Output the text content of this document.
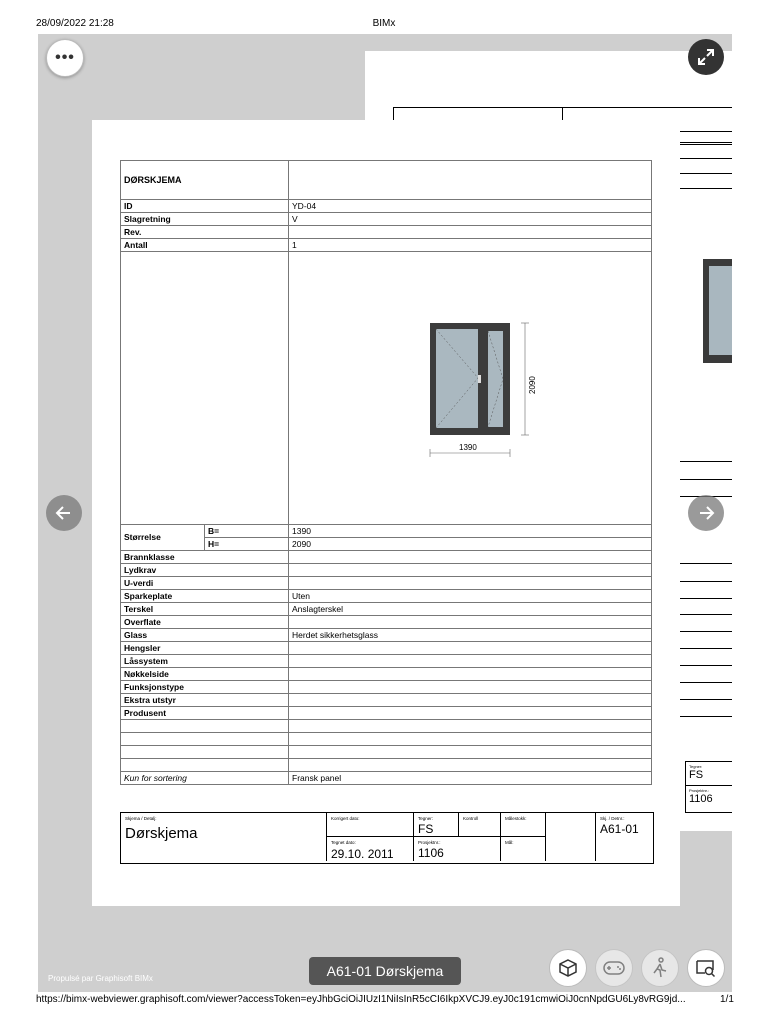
28/09/2022 21:28	BIMx
Tegner:
FS
Prosjektnr.:
1106
DØRSKJEMA		
ID		YD-04
Slagretning		V
Rev.		
Antall		1

2090
1390

Størrelse	B=	1390
	H=	2090
Brannklasse		
Lydkrav		
U-verdi		
Sparkeplate		Uten
Terskel		Anslagterskel
Overflate		
Glass		Herdet sikkerhetsglass
Hengsler		
Låssystem		
Nøkkelside		
Funksjonstype		
Ekstra utstyr		
Produsent		

Kun for sortering		Fransk panel
Skjema / Detalj:
Dørskjema
Korrigert dato:
Tegnet dato:
29.10. 2011
Tegner:
FS
Kontroll
Prosjektnr.:
1106
Målestokk:
Mål:
Skj. / Detnr.:
A61-01
•••
Propulsé par Graphisoft BIMx	A61-01 Dørskjema
https://bimx-webviewer.graphisoft.com/viewer?accessToken=eyJhbGciOiJIUzI1NiIsInR5cCI6IkpXVCJ9.eyJ0c191cmwiOiJ0cnNpdGU6Ly8vRG9jd...	1/1
